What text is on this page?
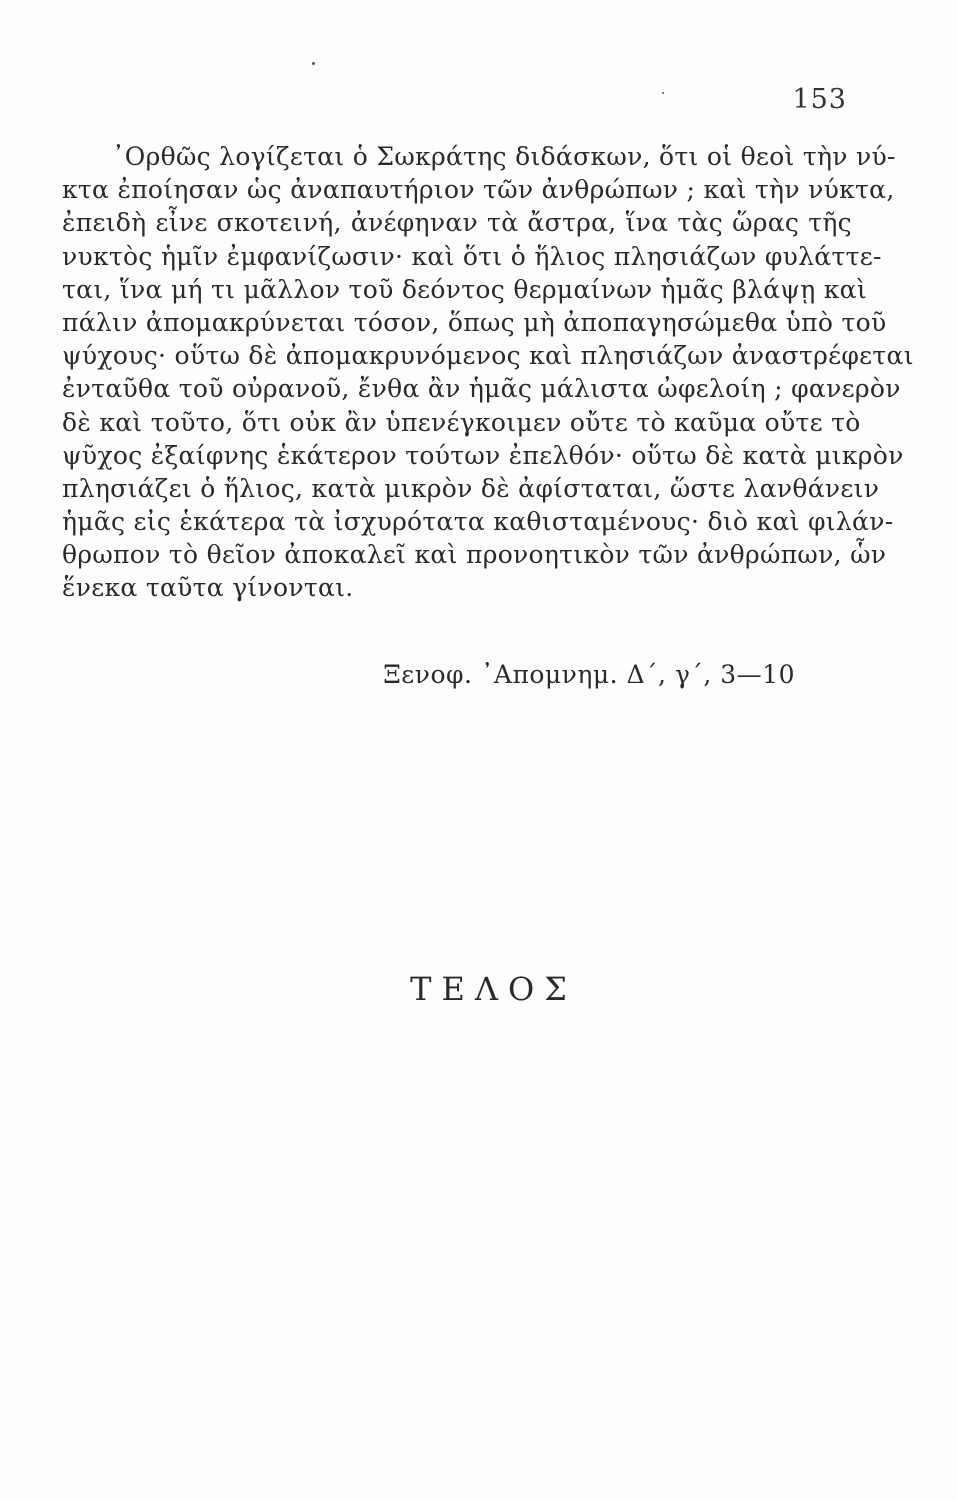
153
᾽Ορθῶς λογίζεται ὁ Σωκράτης διδάσκων, ὅτι οἱ θεοὶ τὴν νύ-
κτα ἐποίησαν ὡς ἀναπαυτήριον τῶν ἀνθρώπων ; καὶ τὴν νύκτα,
ἐπειδὴ εἶνε σκοτεινή, ἀνέφηναν τὰ ἄστρα, ἵνα τὰς ὥρας τῆς
νυκτὸς ἡμῖν ἐμφανίζωσιν· καὶ ὅτι ὁ ἥλιος πλησιάζων φυλάττε-
ται, ἵνα μή τι μᾶλλον τοῦ δεόντος θερμαίνων ἡμᾶς βλάψῃ καὶ
πάλιν ἀπομακρύνεται τόσον, ὅπως μὴ ἀποπαγησώμεθα ὑπὸ τοῦ
ψύχους· οὕτω δὲ ἀπομακρυνόμενος καὶ πλησιάζων ἀναστρέφεται
ἐνταῦθα τοῦ οὐρανοῦ, ἔνθα ἂν ἡμᾶς μάλιστα ὠφελοίη ; φανερὸν
δὲ καὶ τοῦτο, ὅτι οὐκ ἂν ὑπενέγκοιμεν οὔτε τὸ καῦμα οὔτε τὸ
ψῦχος ἐξαίφνης ἑκάτερον τούτων ἐπελθόν· οὕτω δὲ κατὰ μικρὸν
πλησιάζει ὁ ἥλιος, κατὰ μικρὸν δὲ ἀφίσταται, ὥστε λανθάνειν
ἡμᾶς εἰς ἑκάτερα τὰ ἰσχυρότατα καθισταμένους· διὸ καὶ φιλάν-
θρωπον τὸ θεῖον ἀποκαλεῖ καὶ προνοητικὸν τῶν ἀνθρώπων, ὧν
ἕνεκα ταῦτα γίνονται.
Ξενοφ. ᾽Απομνημ. Δ΄, γ΄, 3—10
ΤΕΛΟΣ
